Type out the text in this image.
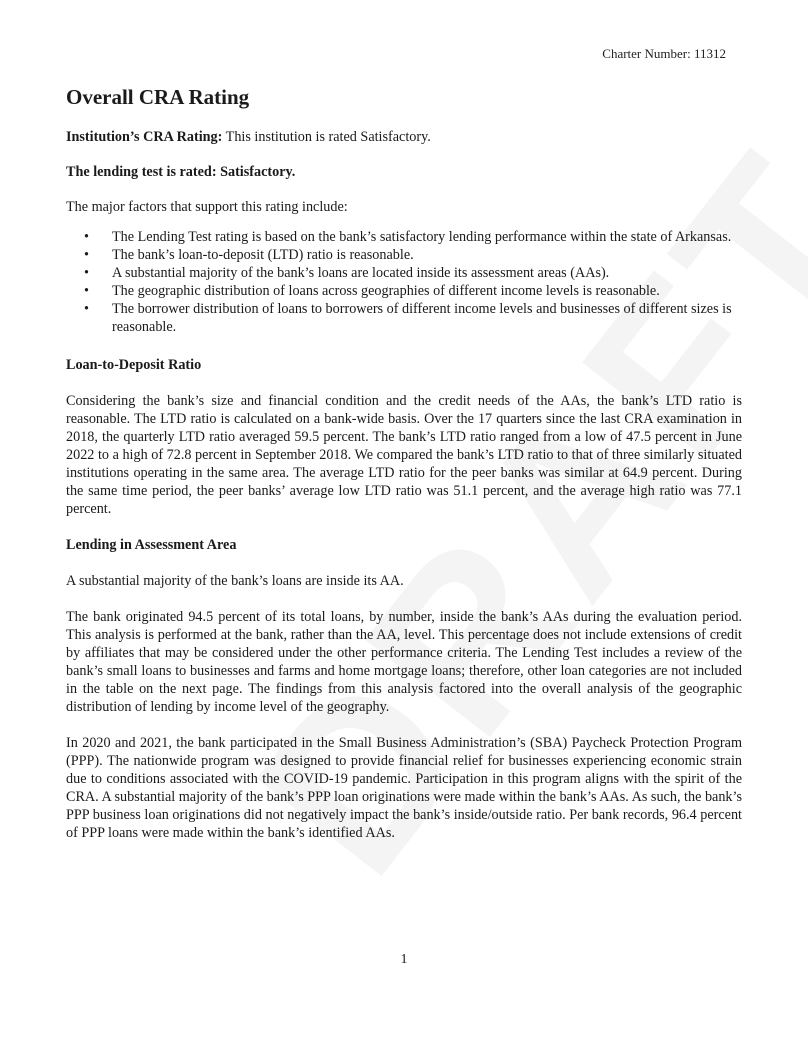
Charter Number: 11312
Overall CRA Rating

Institution’s CRA Rating: This institution is rated Satisfactory.

The lending test is rated: Satisfactory.

The major factors that support this rating include:

• The Lending Test rating is based on the bank’s satisfactory lending performance within the state of Arkansas.
• The bank’s loan-to-deposit (LTD) ratio is reasonable.
• A substantial majority of the bank’s loans are located inside its assessment areas (AAs).
• The geographic distribution of loans across geographies of different income levels is reasonable.
• The borrower distribution of loans to borrowers of different income levels and businesses of different sizes is reasonable.
Loan-to-Deposit Ratio

Considering the bank’s size and financial condition and the credit needs of the AAs, the bank’s LTD ratio is reasonable. The LTD ratio is calculated on a bank-wide basis. Over the 17 quarters since the last CRA examination in 2018, the quarterly LTD ratio averaged 59.5 percent. The bank’s LTD ratio ranged from a low of 47.5 percent in June 2022 to a high of 72.8 percent in September 2018. We compared the bank’s LTD ratio to that of three similarly situated institutions operating in the same area. The average LTD ratio for the peer banks was similar at 64.9 percent. During the same time period, the peer banks’ average low LTD ratio was 51.1 percent, and the average high ratio was 77.1 percent.

Lending in Assessment Area

A substantial majority of the bank’s loans are inside its AA.

The bank originated 94.5 percent of its total loans, by number, inside the bank’s AAs during the evaluation period. This analysis is performed at the bank, rather than the AA, level. This percentage does not include extensions of credit by affiliates that may be considered under the other performance criteria. The Lending Test includes a review of the bank’s small loans to businesses and farms and home mortgage loans; therefore, other loan categories are not included in the table on the next page. The findings from this analysis factored into the overall analysis of the geographic distribution of lending by income level of the geography.

In 2020 and 2021, the bank participated in the Small Business Administration’s (SBA) Paycheck Protection Program (PPP). The nationwide program was designed to provide financial relief for businesses experiencing economic strain due to conditions associated with the COVID-19 pandemic. Participation in this program aligns with the spirit of the CRA. A substantial majority of the bank’s PPP loan originations were made within the bank’s AAs. As such, the bank’s PPP business loan originations did not negatively impact the bank’s inside/outside ratio. Per bank records, 96.4 percent of PPP loans were made within the bank’s identified AAs.

1
